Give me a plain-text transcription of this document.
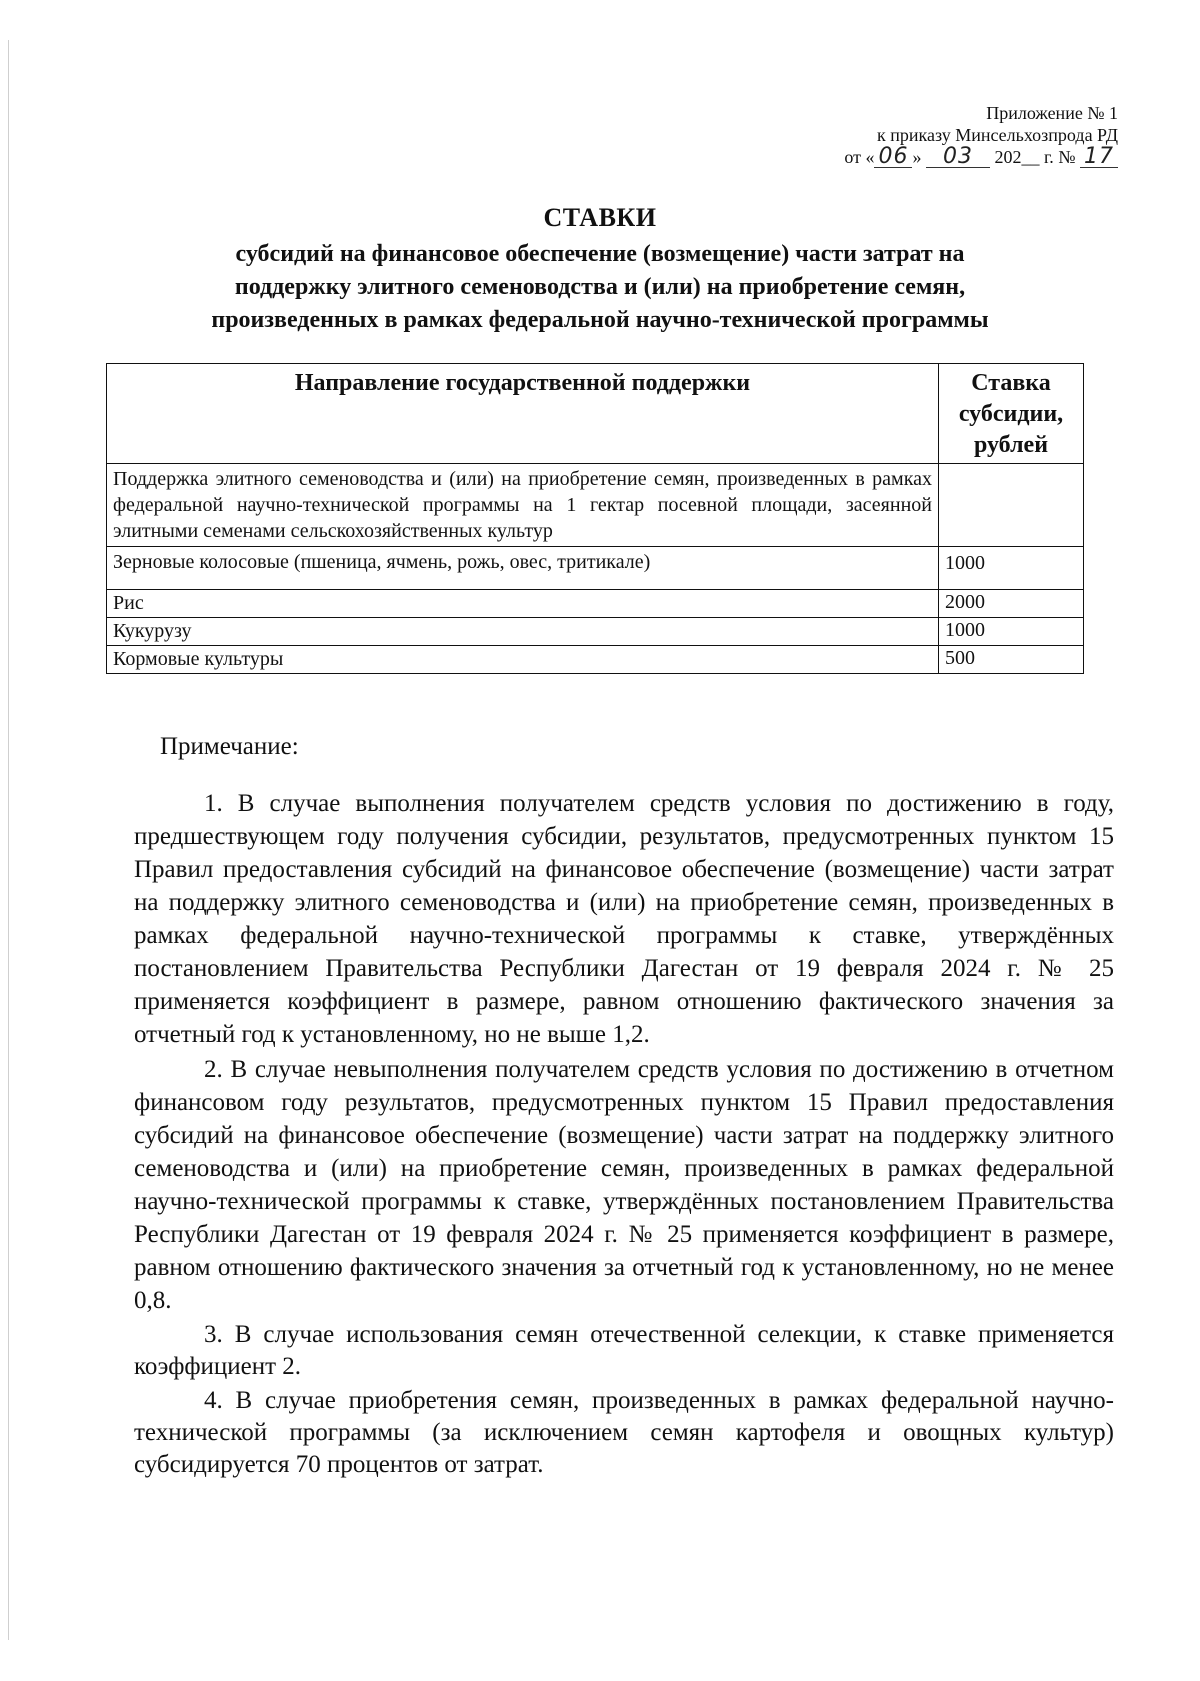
Приложение № 1
к приказу Минсельхозпрода РД
от « 06 » 03 202__ г. № 17
СТАВКИ
субсидий на финансовое обеспечение (возмещение) части затрат на
поддержку элитного семеноводства и (или) на приобретение семян,
произведенных в рамках федеральной научно-технической программы
Направление государственной поддержки	Ставка субсидии, рублей
Поддержка элитного семеноводства и (или) на приобретение семян, произведенных в рамках федеральной научно-технической программы на 1 гектар посевной площади, засеянной элитными семенами сельскохозяйственных культур	
Зерновые колосовые (пшеница, ячмень, рожь, овес, тритикале)	1000
Рис	2000
Кукурузу	1000
Кормовые культуры	500
Примечание:

1. В случае выполнения получателем средств условия по достижению в году, предшествующем году получения субсидии, результатов, предусмотренных пунктом 15 Правил предоставления субсидий на финансовое обеспечение (возмещение) части затрат на поддержку элитного семеноводства и (или) на приобретение семян, произведенных в рамках федеральной научно-технической программы к ставке, утверждённых постановлением Правительства Республики Дагестан от 19 февраля 2024 г. № 25 применяется коэффициент в размере, равном отношению фактического значения за отчетный год к установленному, но не выше 1,2.

2. В случае невыполнения получателем средств условия по достижению в отчетном финансовом году результатов, предусмотренных пунктом 15 Правил предоставления субсидий на финансовое обеспечение (возмещение) части затрат на поддержку элитного семеноводства и (или) на приобретение семян, произведенных в рамках федеральной научно-технической программы к ставке, утверждённых постановлением Правительства Республики Дагестан от 19 февраля 2024 г. № 25 применяется коэффициент в размере, равном отношению фактического значения за отчетный год к установленному, но не менее 0,8.

3. В случае использования семян отечественной селекции, к ставке применяется коэффициент 2.

4. В случае приобретения семян, произведенных в рамках федеральной научно-технической программы (за исключением семян картофеля и овощных культур) субсидируется 70 процентов от затрат.
